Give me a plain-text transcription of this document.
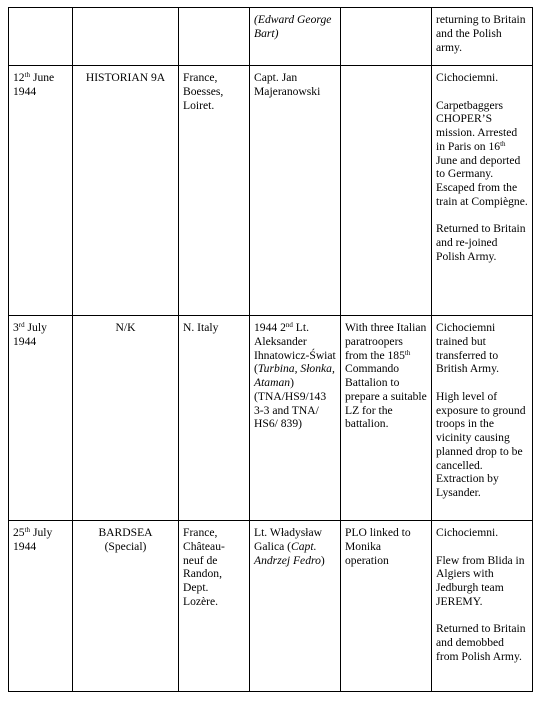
			(Edward George Bart)		returning to Britain and the Polish army.

12th June 1944	HISTORIAN 9A	France, Boesses, Loiret.	Capt. Jan Majeranowski		Cichociemni.
Carpetbaggers CHOPER’S mission. Arrested in Paris on 16th June and deported to Germany. Escaped from the train at Compiègne.
Returned to Britain and re-joined Polish Army.

3rd July 1944	N/K	N. Italy	1944 2nd Lt. Aleksander Ihnatowicz-Świat (Turbina, Słonka, Ataman) (TNA/HS9/143 3-3 and TNA/ HS6/ 839)	With three Italian paratroopers from the 185th Commando Battalion to prepare a suitable LZ for the battalion.	Cichociemni trained but transferred to British Army.
High level of exposure to ground troops in the vicinity causing planned drop to be cancelled. Extraction by Lysander.

25th July 1944	BARDSEA (Special)	France, Château-neuf de Randon, Dept. Lozère.	Lt. Władysław Galica (Capt. Andrzej Fedro)	PLO linked to Monika operation	Cichociemni.
Flew from Blida in Algiers with Jedburgh team JEREMY.
Returned to Britain and demobbed from Polish Army.
